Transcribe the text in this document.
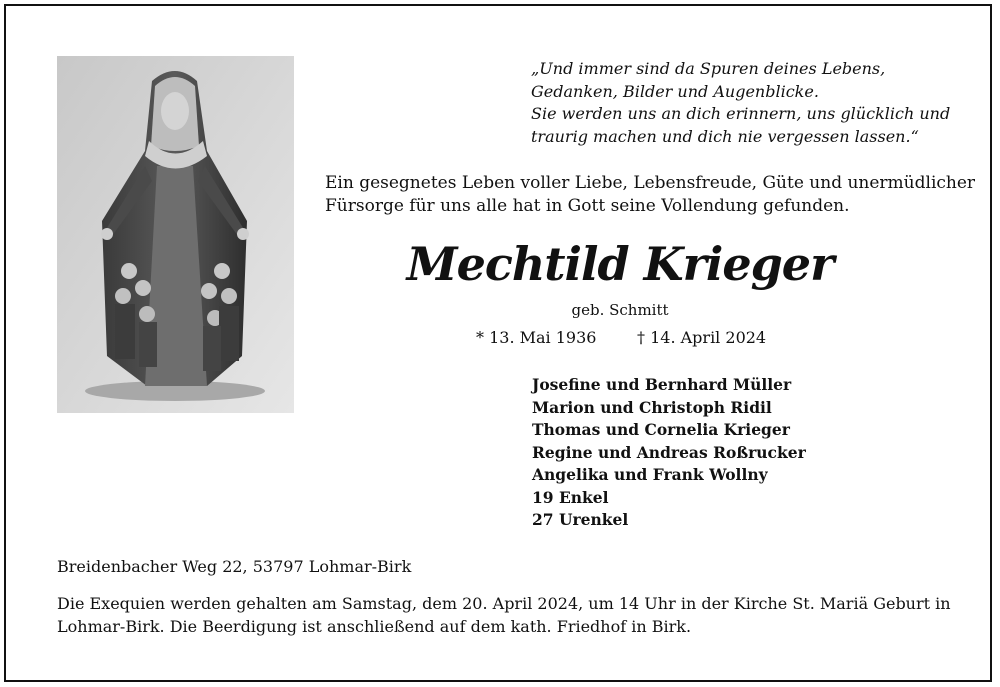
„Und immer sind da Spuren deines Lebens,
Gedanken, Bilder und Augenblicke.
Sie werden uns an dich erinnern, uns glücklich und
traurig machen und dich nie vergessen lassen.“
Ein gesegnetes Leben voller Liebe, Lebensfreude, Güte und unermüdlicher
Fürsorge für uns alle hat in Gott seine Vollendung gefunden.
Mechtild Krieger
geb. Schmitt
* 13. Mai 1936	† 14. April 2024
Josefine und Bernhard Müller
Marion und Christoph Ridil
Thomas und Cornelia Krieger
Regine und Andreas Roßrucker
Angelika und Frank Wollny
19 Enkel
27 Urenkel
Breidenbacher Weg 22, 53797 Lohmar-Birk
Die Exequien werden gehalten am Samstag, dem 20. April 2024, um 14 Uhr in der Kirche St. Mariä Geburt in
Lohmar-Birk. Die Beerdigung ist anschließend auf dem kath. Friedhof in Birk.
